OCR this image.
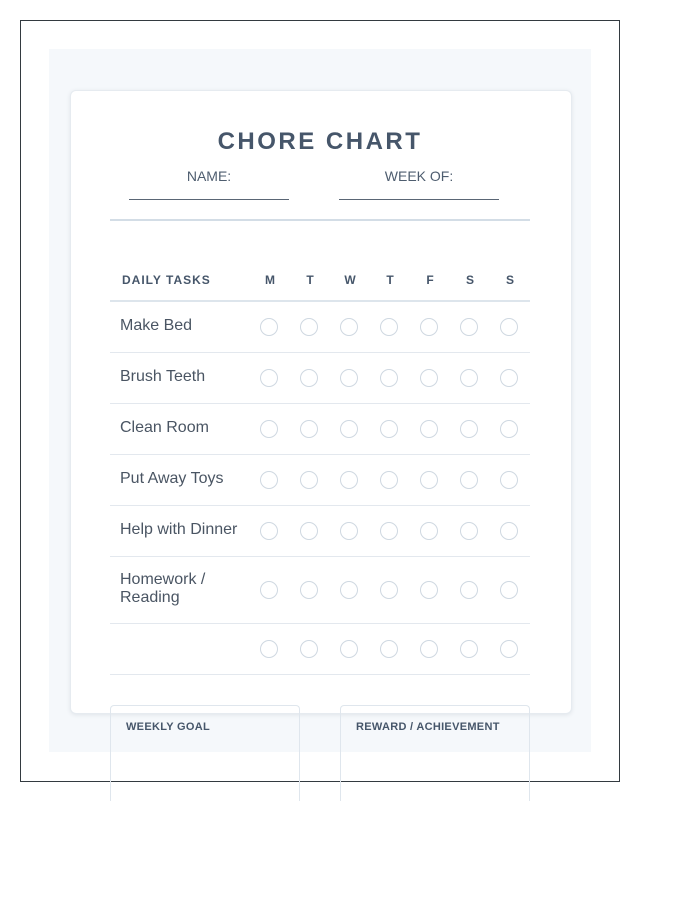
CHORE CHART
NAME:	WEEK OF:
DAILY TASKS	M	T	W	T	F	S	S
Make Bed
Brush Teeth
Clean Room
Put Away Toys
Help with Dinner
Homework / Reading
WEEKLY GOAL	REWARD / ACHIEVEMENT
